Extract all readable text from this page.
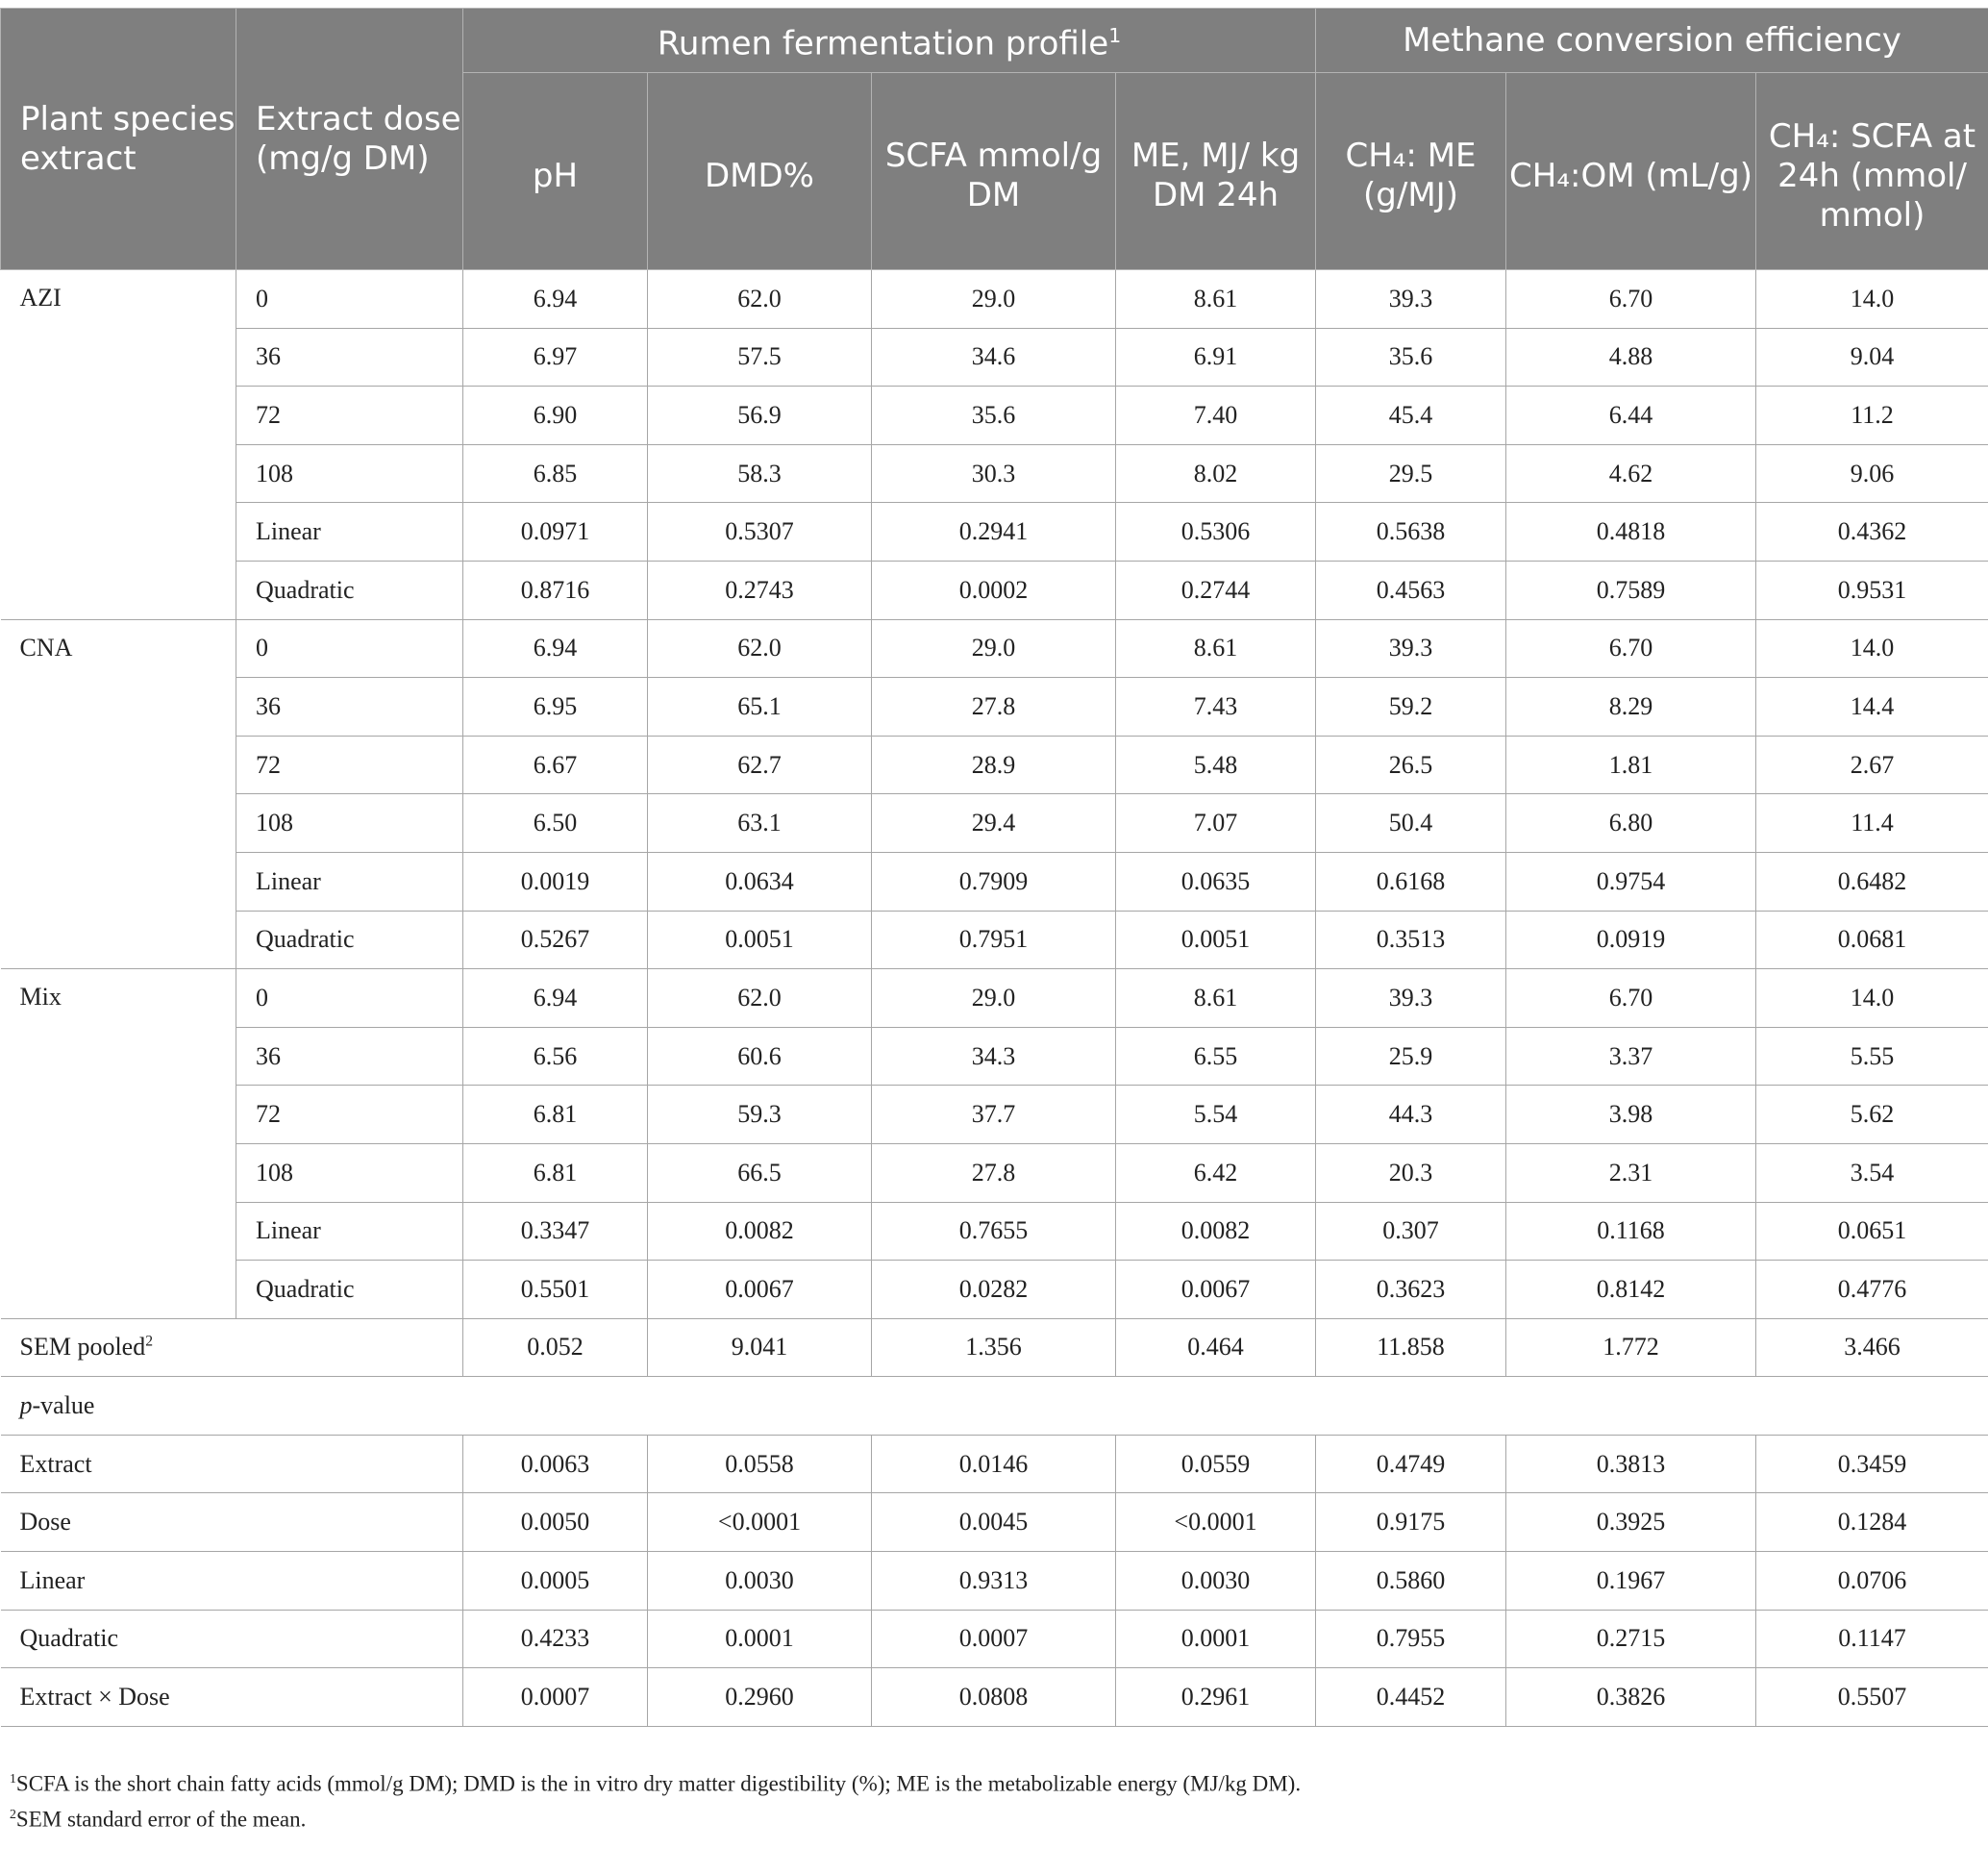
Plant species extract	Extract dose (mg/g DM)	Rumen fermentation profile$^1$				Methane conversion efficiency		
		pH	DMD%	SCFA mmol/g DM	ME, MJ/ kg DM 24h	CH₄: ME (g/MJ)	CH₄:OM (mL/g)	CH₄: SCFA at 24h (mmol/ mmol)
AZI	0	6.94	62.0	29.0	8.61	39.3	6.70	14.0
	36	6.97	57.5	34.6	6.91	35.6	4.88	9.04
	72	6.90	56.9	35.6	7.40	45.4	6.44	11.2
	108	6.85	58.3	30.3	8.02	29.5	4.62	9.06
	Linear	0.0971	0.5307	0.2941	0.5306	0.5638	0.4818	0.4362
	Quadratic	0.8716	0.2743	0.0002	0.2744	0.4563	0.7589	0.9531
CNA	0	6.94	62.0	29.0	8.61	39.3	6.70	14.0
	36	6.95	65.1	27.8	7.43	59.2	8.29	14.4
	72	6.67	62.7	28.9	5.48	26.5	1.81	2.67
	108	6.50	63.1	29.4	7.07	50.4	6.80	11.4
	Linear	0.0019	0.0634	0.7909	0.0635	0.6168	0.9754	0.6482
	Quadratic	0.5267	0.0051	0.7951	0.0051	0.3513	0.0919	0.0681
Mix	0	6.94	62.0	29.0	8.61	39.3	6.70	14.0
	36	6.56	60.6	34.3	6.55	25.9	3.37	5.55
	72	6.81	59.3	37.7	5.54	44.3	3.98	5.62
	108	6.81	66.5	27.8	6.42	20.3	2.31	3.54
	Linear	0.3347	0.0082	0.7655	0.0082	0.307	0.1168	0.0651
	Quadratic	0.5501	0.0067	0.0282	0.0067	0.3623	0.8142	0.4776
SEM pooled$^2$		0.052	9.041	1.356	0.464	11.858	1.772	3.466
p-value								
Extract		0.0063	0.0558	0.0146	0.0559	0.4749	0.3813	0.3459
Dose		0.0050	<0.0001	0.0045	<0.0001	0.9175	0.3925	0.1284
Linear		0.0005	0.0030	0.9313	0.0030	0.5860	0.1967	0.0706
Quadratic		0.4233	0.0001	0.0007	0.0001	0.7955	0.2715	0.1147
Extract × Dose		0.0007	0.2960	0.0808	0.2961	0.4452	0.3826	0.5507
$^1$SCFA is the short chain fatty acids (mmol/g DM); DMD is the in vitro dry matter digestibility (%); ME is the metabolizable energy (MJ/kg DM).
$^2$SEM standard error of the mean.
